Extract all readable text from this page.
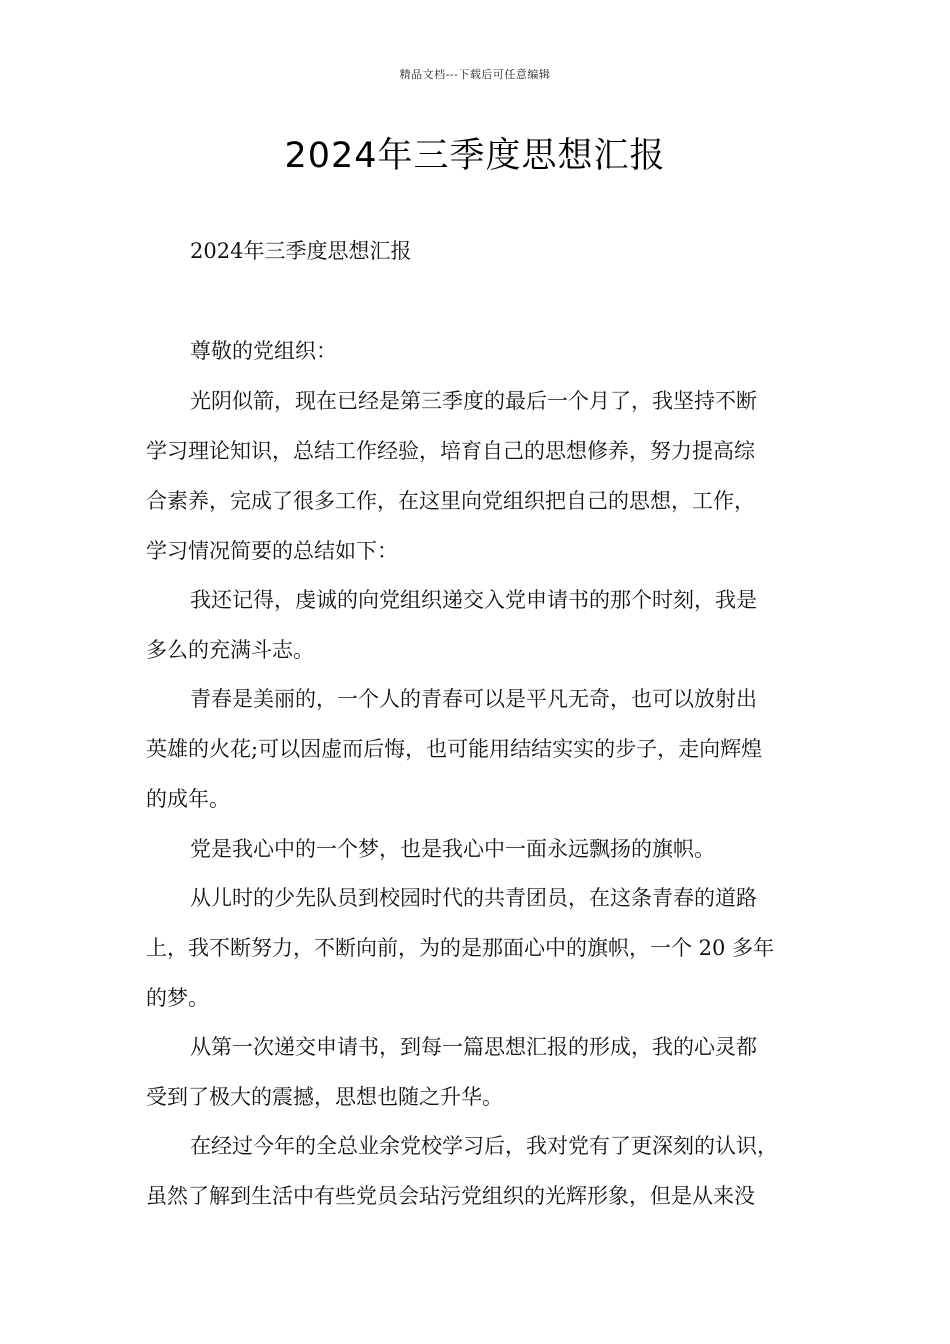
精品文档---下载后可任意编辑
2024年三季度思想汇报
2024年三季度思想汇报
尊敬的党组织：
光阴似箭，现在已经是第三季度的最后一个月了，我坚持不断
学习理论知识，总结工作经验，培育自己的思想修养，努力提高综
合素养，完成了很多工作，在这里向党组织把自己的思想，工作，
学习情况简要的总结如下：
我还记得，虔诚的向党组织递交入党申请书的那个时刻，我是
多么的充满斗志。
青春是美丽的，一个人的青春可以是平凡无奇，也可以放射出
英雄的火花;可以因虚而后悔，也可能用结结实实的步子，走向辉煌
的成年。
党是我心中的一个梦，也是我心中一面永远飘扬的旗帜。
从儿时的少先队员到校园时代的共青团员，在这条青春的道路
上，我不断努力，不断向前，为的是那面心中的旗帜，一个 20 多年
的梦。
从第一次递交申请书，到每一篇思想汇报的形成，我的心灵都
受到了极大的震撼，思想也随之升华。
在经过今年的全总业余党校学习后，我对党有了更深刻的认识，
虽然了解到生活中有些党员会玷污党组织的光辉形象，但是从来没
